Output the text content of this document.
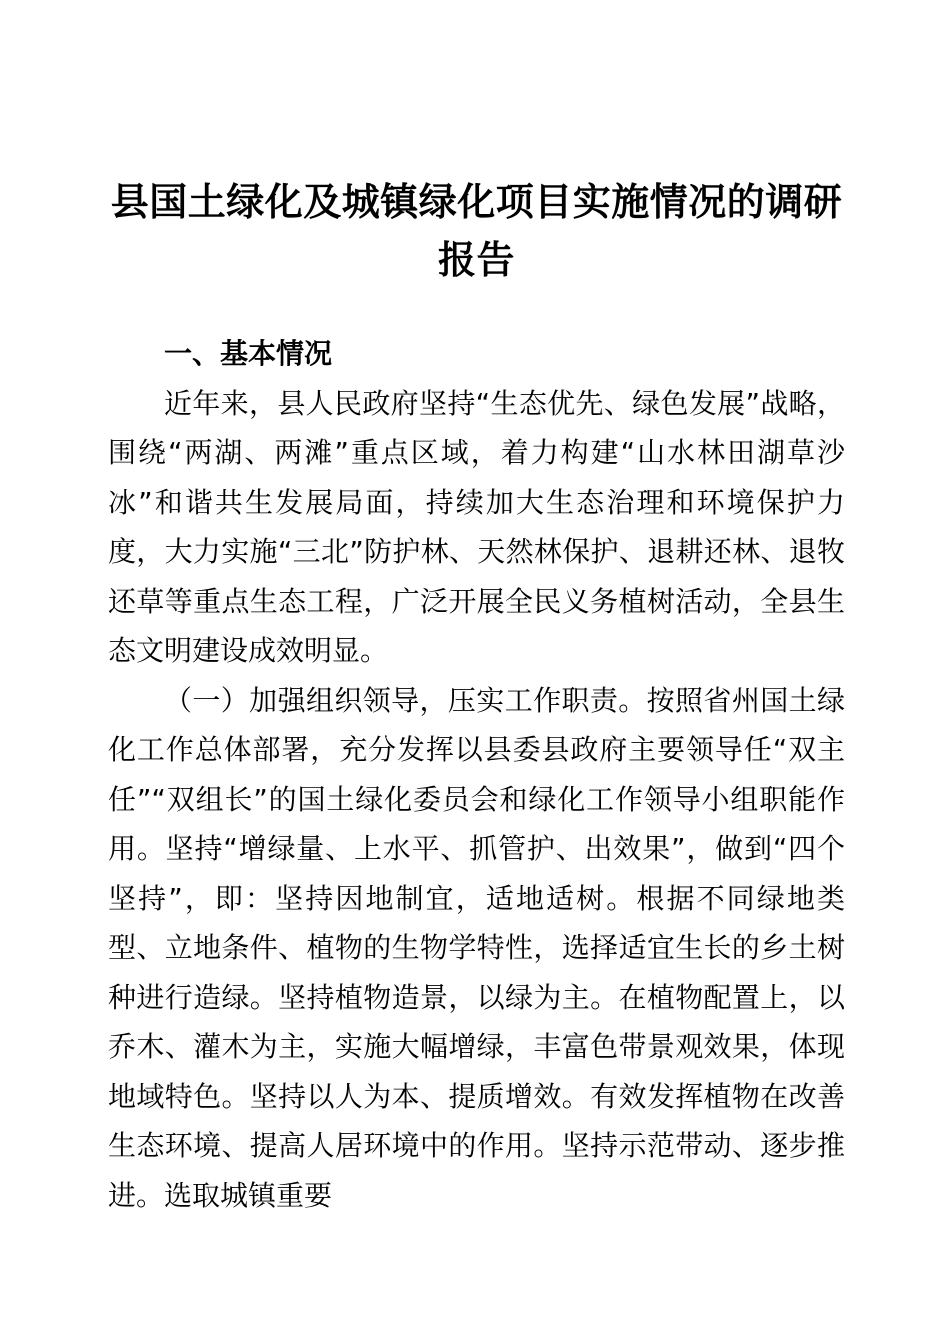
县国土绿化及城镇绿化项目实施情况的调研报告
一、基本情况

近年来，县人民政府坚持“生态优先、绿色发展”战略，围绕“两湖、两滩”重点区域，着力构建“山水林田湖草沙冰”和谐共生发展局面，持续加大生态治理和环境保护力度，大力实施“三北”防护林、天然林保护、退耕还林、退牧还草等重点生态工程，广泛开展全民义务植树活动，全县生态文明建设成效明显。

（一）加强组织领导，压实工作职责。按照省州国土绿化工作总体部署，充分发挥以县委县政府主要领导任“双主任”“双组长”的国土绿化委员会和绿化工作领导小组职能作用。坚持“增绿量、上水平、抓管护、出效果”，做到“四个坚持”，即：坚持因地制宜，适地适树。根据不同绿地类型、立地条件、植物的生物学特性，选择适宜生长的乡土树种进行造绿。坚持植物造景，以绿为主。在植物配置上，以乔木、灌木为主，实施大幅增绿，丰富色带景观效果，体现地域特色。坚持以人为本、提质增效。有效发挥植物在改善生态环境、提高人居环境中的作用。坚持示范带动、逐步推进。选取城镇重要
